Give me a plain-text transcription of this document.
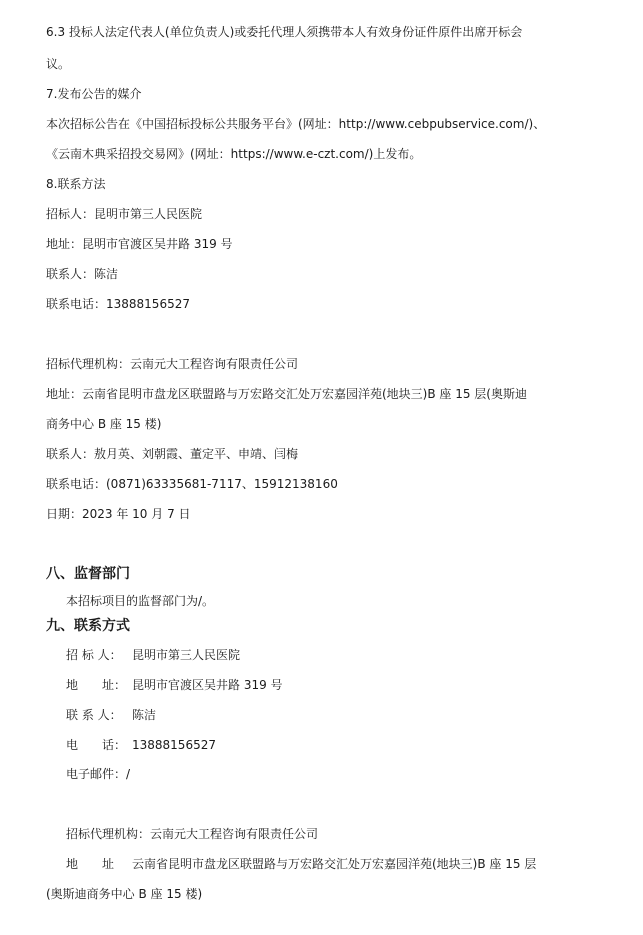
6.3 投标人法定代表人(单位负责人)或委托代理人须携带本人有效身份证件原件出席开标会
议。
7.发布公告的媒介
本次招标公告在《中国招标投标公共服务平台》(网址：http://www.cebpubservice.com/)、
《云南木典采招投交易网》(网址：https://www.e-czt.com/)上发布。
8.联系方法
招标人：昆明市第三人民医院
地址：昆明市官渡区吴井路 319 号
联系人：陈洁
联系电话：13888156527
招标代理机构：云南元大工程咨询有限责任公司
地址：云南省昆明市盘龙区联盟路与万宏路交汇处万宏嘉园洋苑(地块三)B 座 15 层(奥斯迪
商务中心 B 座 15 楼)
联系人：敖月英、刘朝霞、董定平、申靖、闫梅
联系电话：(0871)63335681-7117、15912138160
日期：2023 年 10 月 7 日
八、监督部门
本招标项目的监督部门为/。
九、联系方式
招 标 人： 昆明市第三人民医院
地　　址： 昆明市官渡区吴井路 319 号
联 系 人： 陈洁
电　　话： 13888156527
电子邮件：/
招标代理机构：云南元大工程咨询有限责任公司
地　　址 云南省昆明市盘龙区联盟路与万宏路交汇处万宏嘉园洋苑(地块三)B 座 15 层
(奥斯迪商务中心 B 座 15 楼)
